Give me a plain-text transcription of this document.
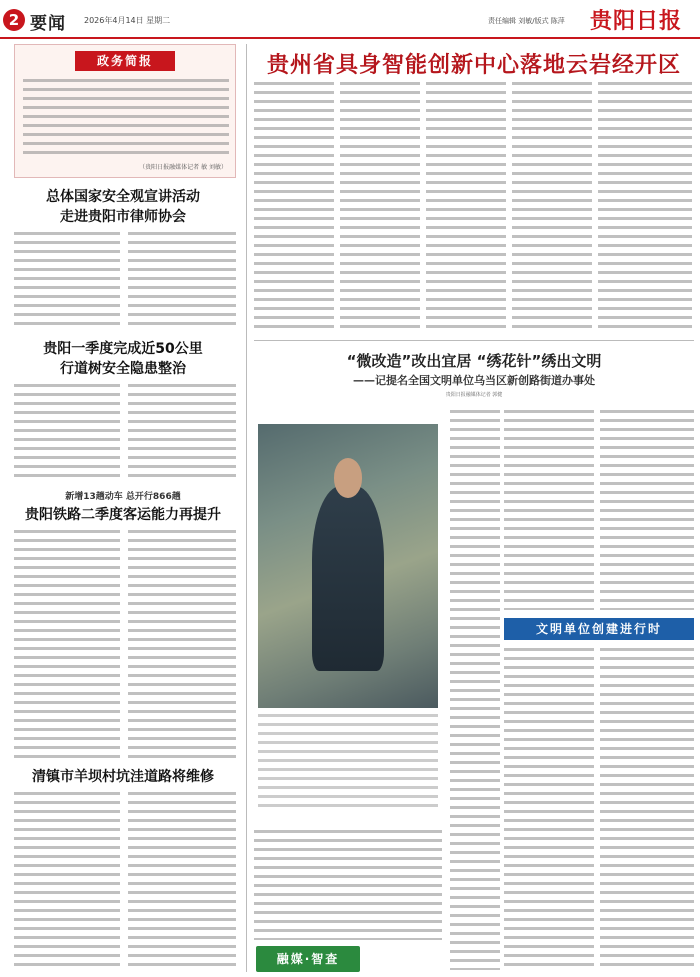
2 要闻 2026年4月14日 星期二	责任编辑 刘敏/版式 陈萍 贵阳日报
政务简报
（贵阳日报融媒体记者 敏 刘敏）
总体国家安全观宣讲活动
走进贵阳市律师协会
贵阳一季度完成近50公里
行道树安全隐患整治
新增13趟动车 总开行866趟
贵阳铁路二季度客运能力再提升
清镇市羊坝村坑洼道路将维修
贵州省具身智能创新中心落地云岩经开区
“微改造”改出宜居 “绣花针”绣出文明
——记提名全国文明单位乌当区新创路街道办事处
贵阳日报融媒体记者 郭健
文明单位创建进行时
融媒·智查
